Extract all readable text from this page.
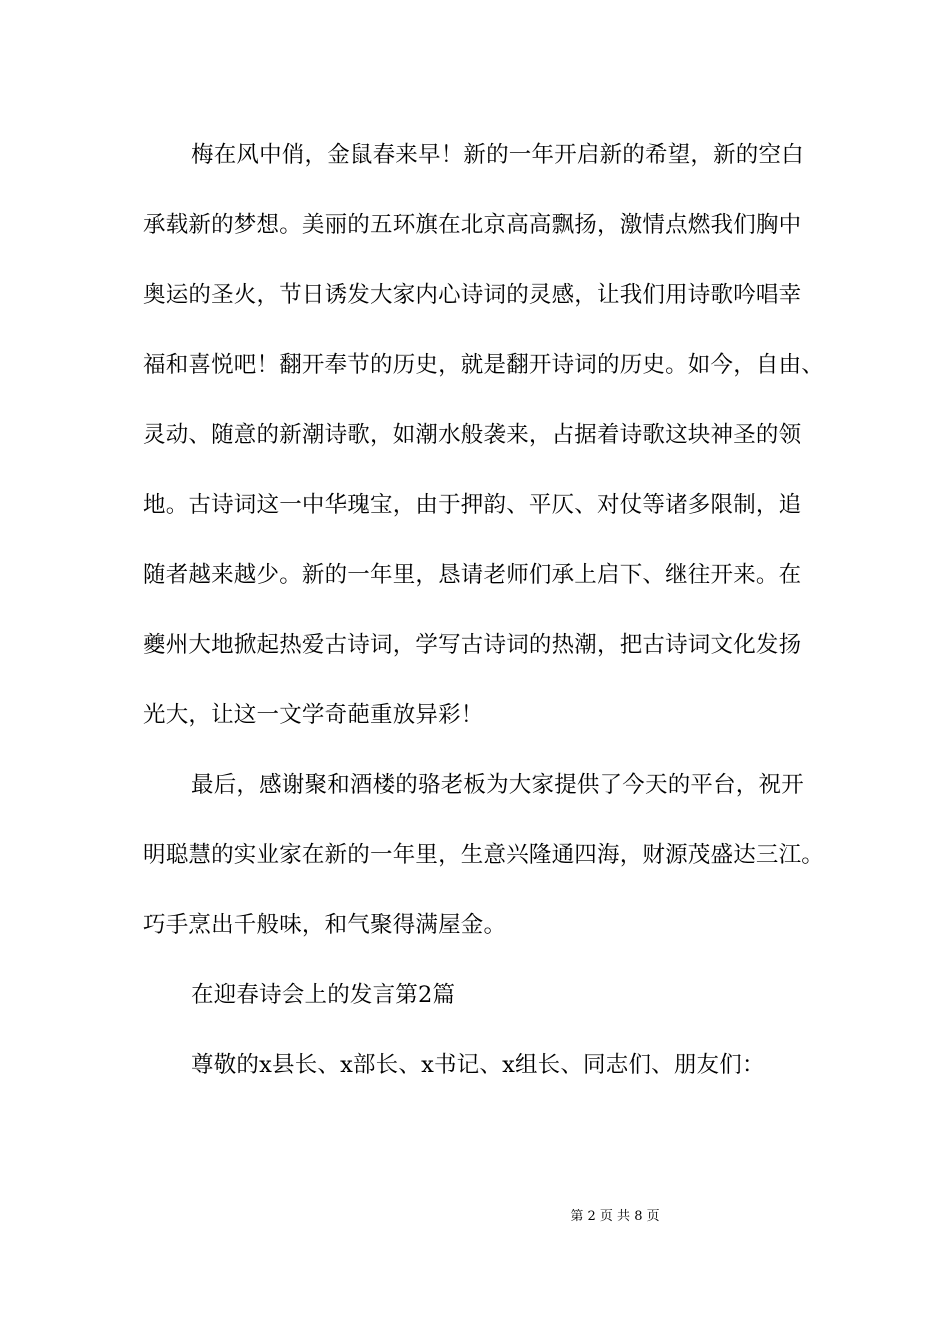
梅在风中俏，金鼠春来早！新的一年开启新的希望，新的空白
承载新的梦想。美丽的五环旗在北京高高飘扬，激情点燃我们胸中
奥运的圣火，节日诱发大家内心诗词的灵感，让我们用诗歌吟唱幸
福和喜悦吧！翻开奉节的历史，就是翻开诗词的历史。如今，自由、
灵动、随意的新潮诗歌，如潮水般袭来，占据着诗歌这块神圣的领
地。古诗词这一中华瑰宝，由于押韵、平仄、对仗等诸多限制，追
随者越来越少。新的一年里，恳请老师们承上启下、继往开来。在
夔州大地掀起热爱古诗词，学写古诗词的热潮，把古诗词文化发扬
光大，让这一文学奇葩重放异彩！
最后，感谢聚和酒楼的骆老板为大家提供了今天的平台，祝开
明聪慧的实业家在新的一年里，生意兴隆通四海，财源茂盛达三江。
巧手烹出千般味，和气聚得满屋金。
在迎春诗会上的发言第2篇
尊敬的x县长、x部长、x书记、x组长、同志们、朋友们：
第 2 页 共 8 页
